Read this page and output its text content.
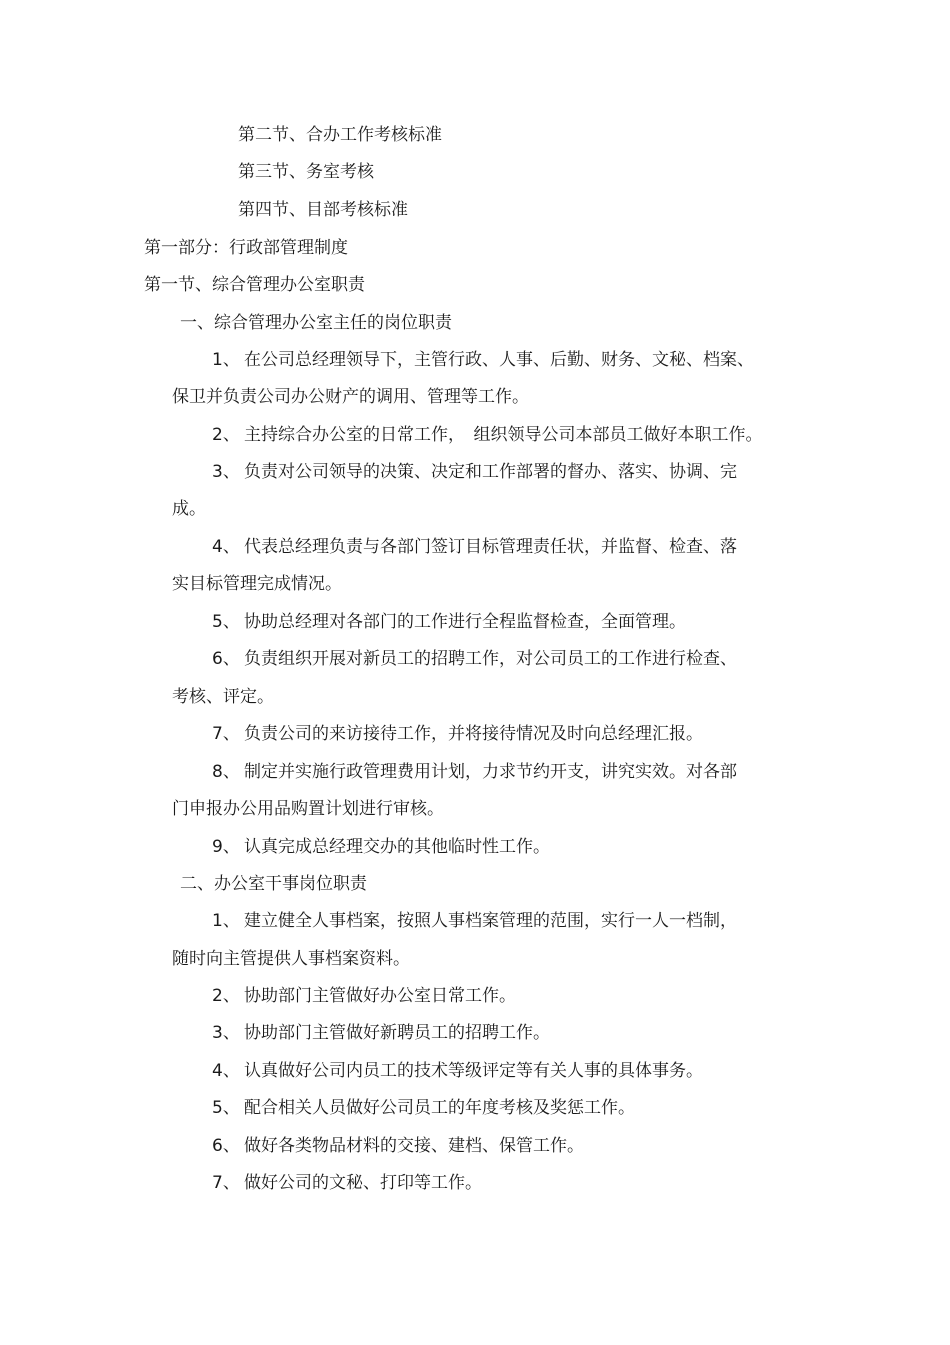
第二节、合办工作考核标准
第三节、务室考核
第四节、目部考核标准
第一部分：行政部管理制度
第一节、综合管理办公室职责
一、综合管理办公室主任的岗位职责
1、 在公司总经理领导下，主管行政、人事、后勤、财务、文秘、档案、
保卫并负责公司办公财产的调用、管理等工作。
2、 主持综合办公室的日常工作，　组织领导公司本部员工做好本职工作。
3、 负责对公司领导的决策、决定和工作部署的督办、落实、协调、完
成。
4、 代表总经理负责与各部门签订目标管理责任状，并监督、检查、落
实目标管理完成情况。
5、 协助总经理对各部门的工作进行全程监督检查，全面管理。
6、 负责组织开展对新员工的招聘工作，对公司员工的工作进行检查、
考核、评定。
7、 负责公司的来访接待工作，并将接待情况及时向总经理汇报。
8、 制定并实施行政管理费用计划，力求节约开支，讲究实效。对各部
门申报办公用品购置计划进行审核。
9、 认真完成总经理交办的其他临时性工作。
二、办公室干事岗位职责
1、 建立健全人事档案，按照人事档案管理的范围，实行一人一档制，
随时向主管提供人事档案资料。
2、 协助部门主管做好办公室日常工作。
3、 协助部门主管做好新聘员工的招聘工作。
4、 认真做好公司内员工的技术等级评定等有关人事的具体事务。
5、 配合相关人员做好公司员工的年度考核及奖惩工作。
6、 做好各类物品材料的交接、建档、保管工作。
7、 做好公司的文秘、打印等工作。
